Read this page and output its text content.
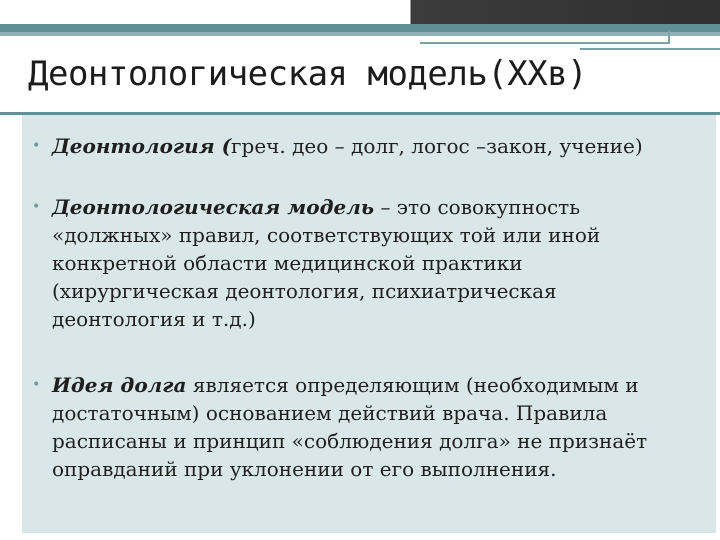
Деонтологическая модель(ХХв)
• Деонтология (греч. део – долг, логос –закон, учение)
• Деонтологическая модель – это совокупность «должных» правил, соответствующих той или иной конкретной области медицинской практики (хирургическая деонтология, психиатрическая деонтология и т.д.)
• Идея долга является определяющим (необходимым и достаточным) основанием действий врача. Правила расписаны и принцип «соблюдения долга» не признаёт оправданий при уклонении от его выполнения.
